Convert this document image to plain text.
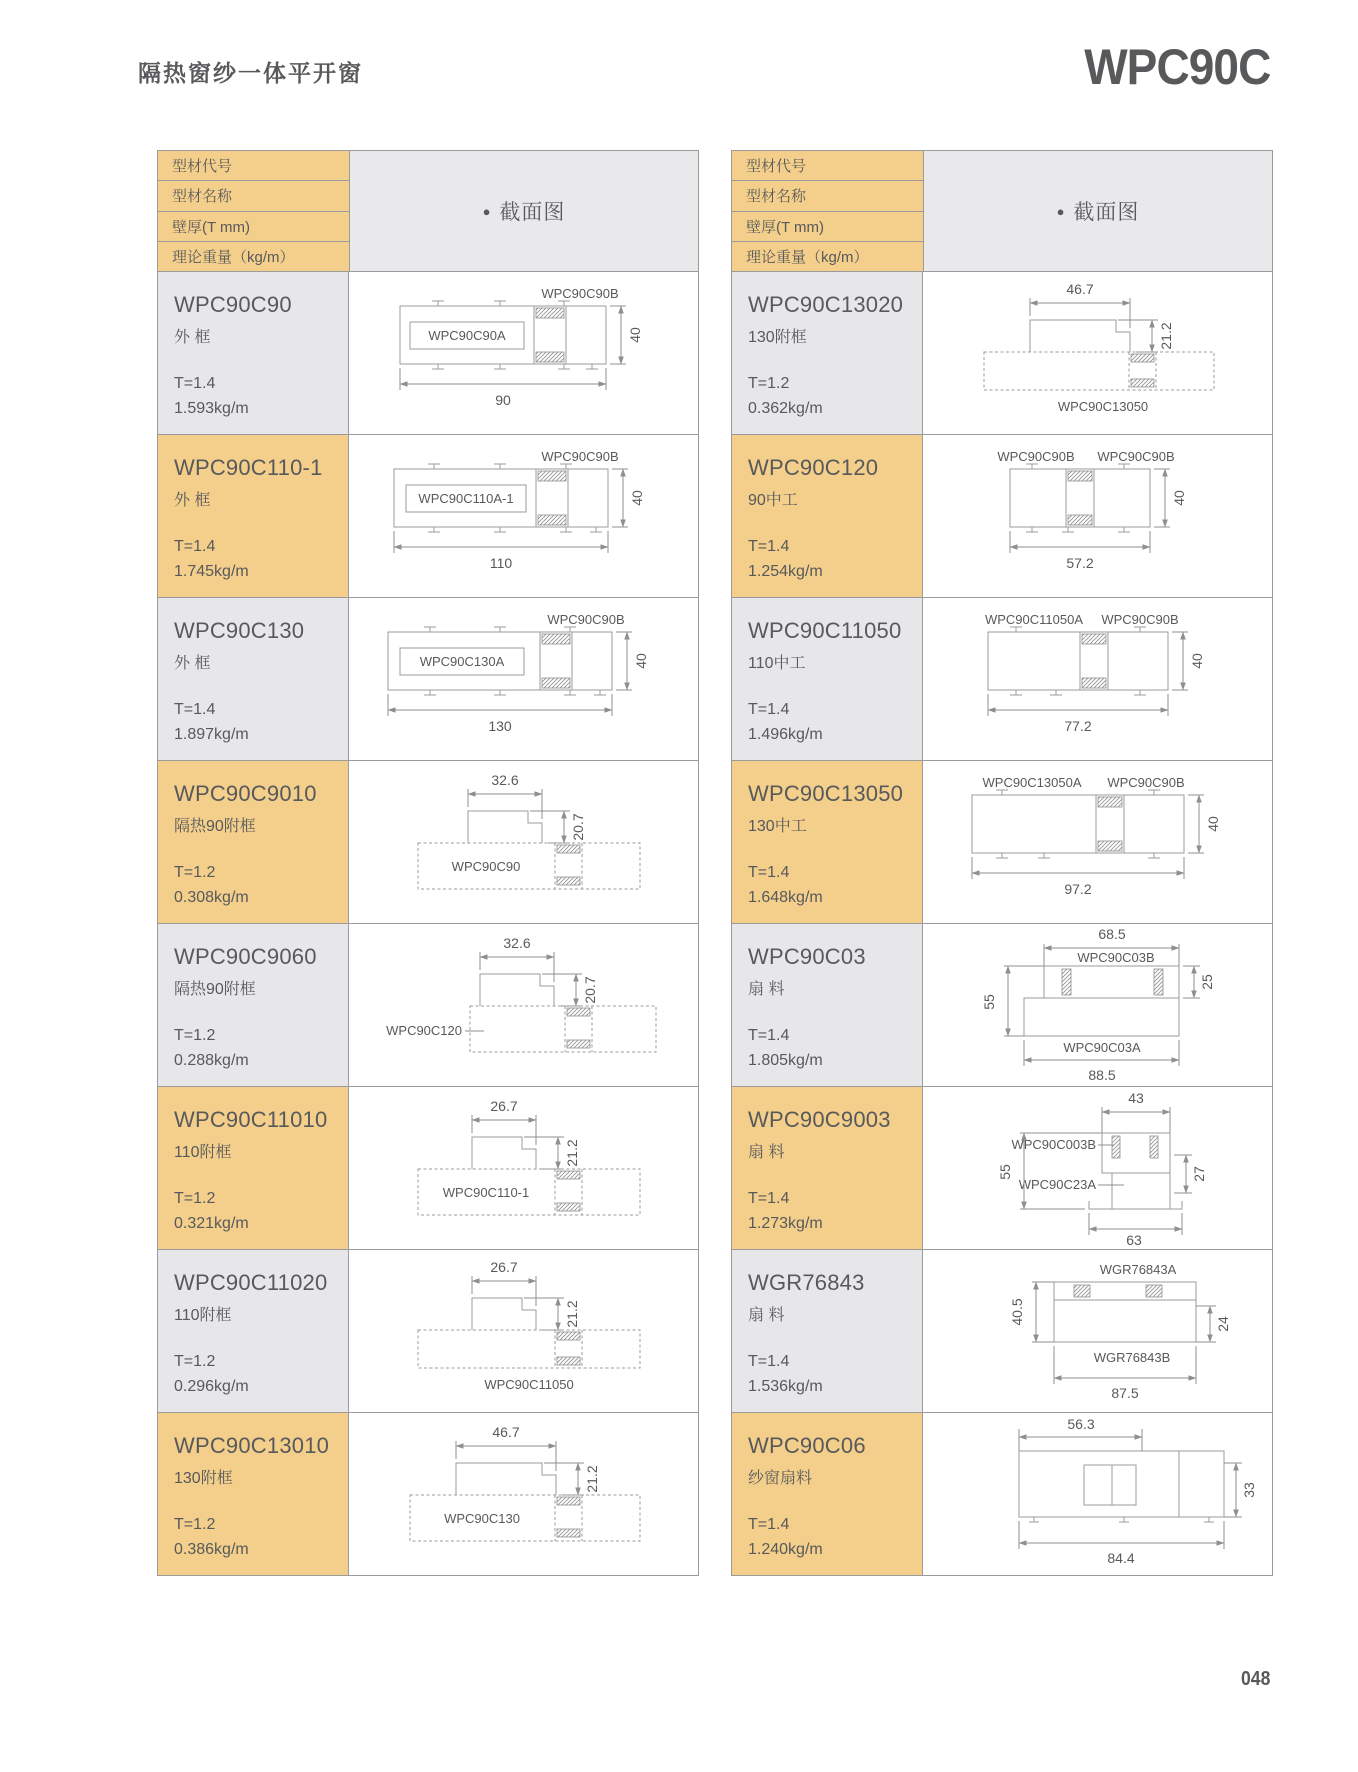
隔热窗纱一体平开窗	WPC90C
型材代号
型材名称
壁厚(T mm)
理论重量（kg/m）
● 截面图
WPC90C90
外 框
T=1.4
1.593kg/m
WPC90C90B
WPC90C90A	40
90
WPC90C110-1
外 框
T=1.4
1.745kg/m
WPC90C90B
WPC90C110A-1	40
110
WPC90C130
外 框
T=1.4
1.897kg/m
WPC90C90B
WPC90C130A	40
130
WPC90C9010
隔热90附框
T=1.2
0.308kg/m
32.6
20.7
WPC90C90
WPC90C9060
隔热90附框
T=1.2
0.288kg/m
32.6
20.7
WPC90C120
WPC90C11010
110附框
T=1.2
0.321kg/m
26.7
21.2
WPC90C110-1
WPC90C11020
110附框
T=1.2
0.296kg/m
26.7
21.2
WPC90C11050
WPC90C13010
130附框
T=1.2
0.386kg/m
46.7
21.2
WPC90C130
型材代号
型材名称
壁厚(T mm)
理论重量（kg/m）
● 截面图
WPC90C13020
130附框
T=1.2
0.362kg/m
46.7
21.2
WPC90C13050
WPC90C120
90中工
T=1.4
1.254kg/m
WPC90C90B WPC90C90B
40
57.2
WPC90C11050
110中工
T=1.4
1.496kg/m
WPC90C11050A WPC90C90B
40
77.2
WPC90C13050
130中工
T=1.4
1.648kg/m
WPC90C13050A WPC90C90B
40
97.2
WPC90C03
扇 料
T=1.4
1.805kg/m
68.5
WPC90C03B
55
25
WPC90C03A
88.5
WPC90C9003
扇 料
T=1.4
1.273kg/m
43
WPC90C003B
WPC90C23A
55	27
63
WGR76843
扇 料
T=1.4
1.536kg/m
WGR76843A
40.5	24
WGR76843B
87.5
WPC90C06
纱窗扇料
T=1.4
1.240kg/m
56.3
33
84.4
048
